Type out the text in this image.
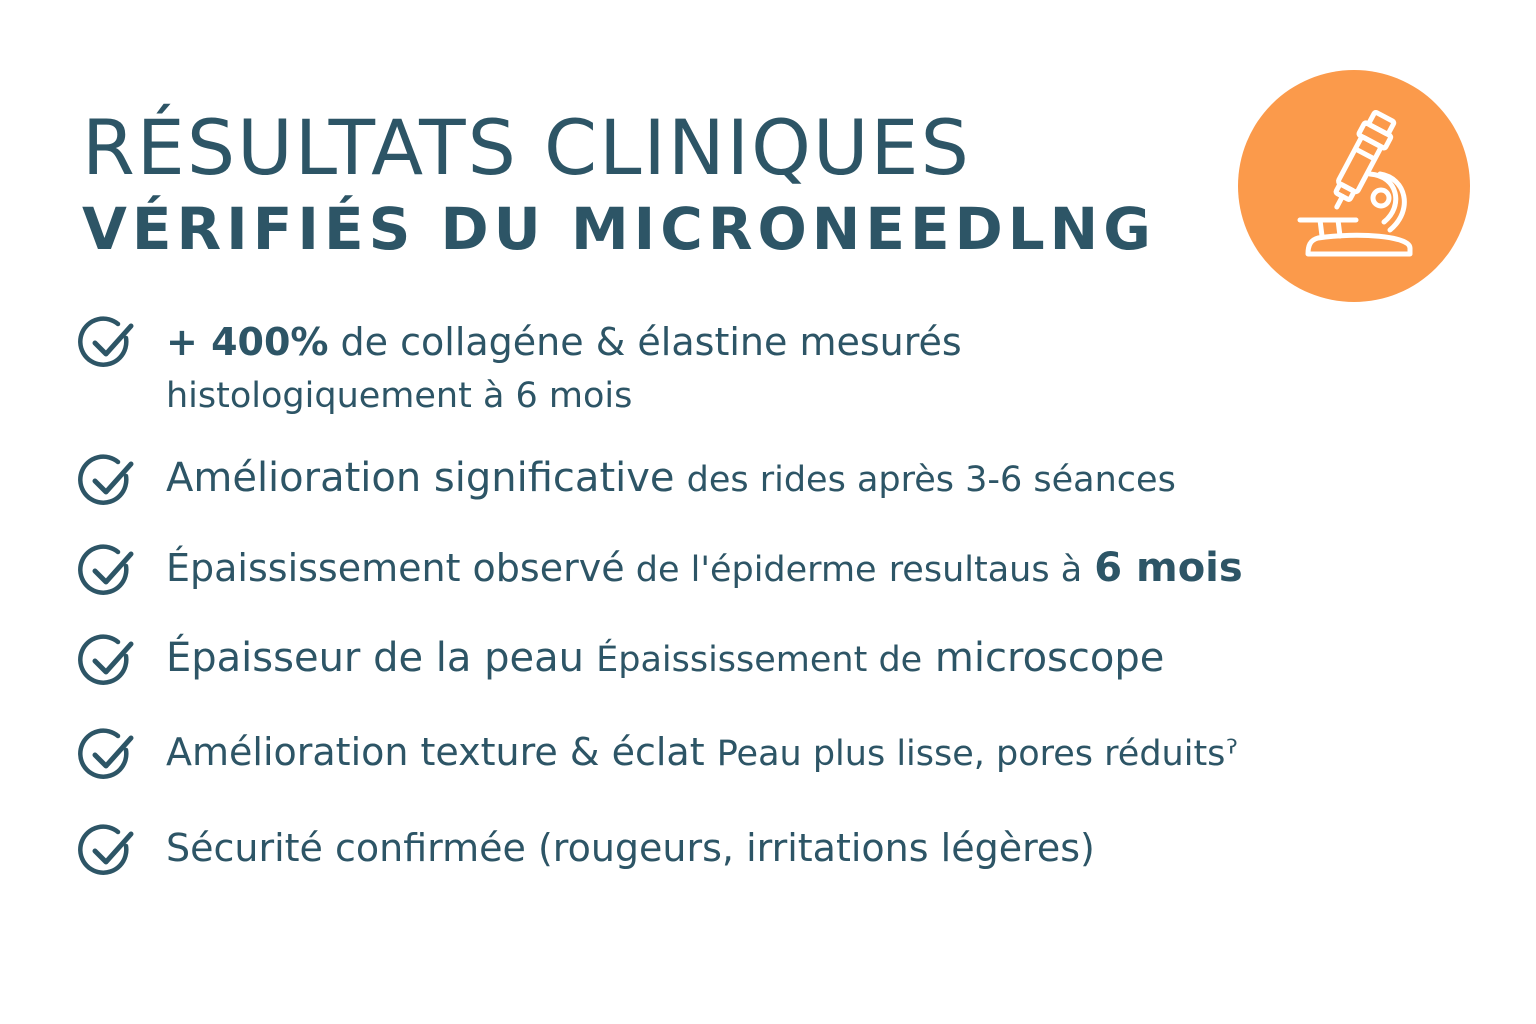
RÉSULTATS CLINIQUES
VÉRIFIÉS DU MICRONEEDLNG
+ 400% de collagéne & élastine mesurés
histologiquement à 6 mois
Amélioration significative des rides après 3-6 séances
Épaississement observé de l'épiderme resultaus à 6 mois
Épaisseur de la peau Épaississement de microscope
Amélioration texture & éclat Peau plus lisse, pores réduitsˀ
Sécurité confirmée (rougeurs, irritations légères)
